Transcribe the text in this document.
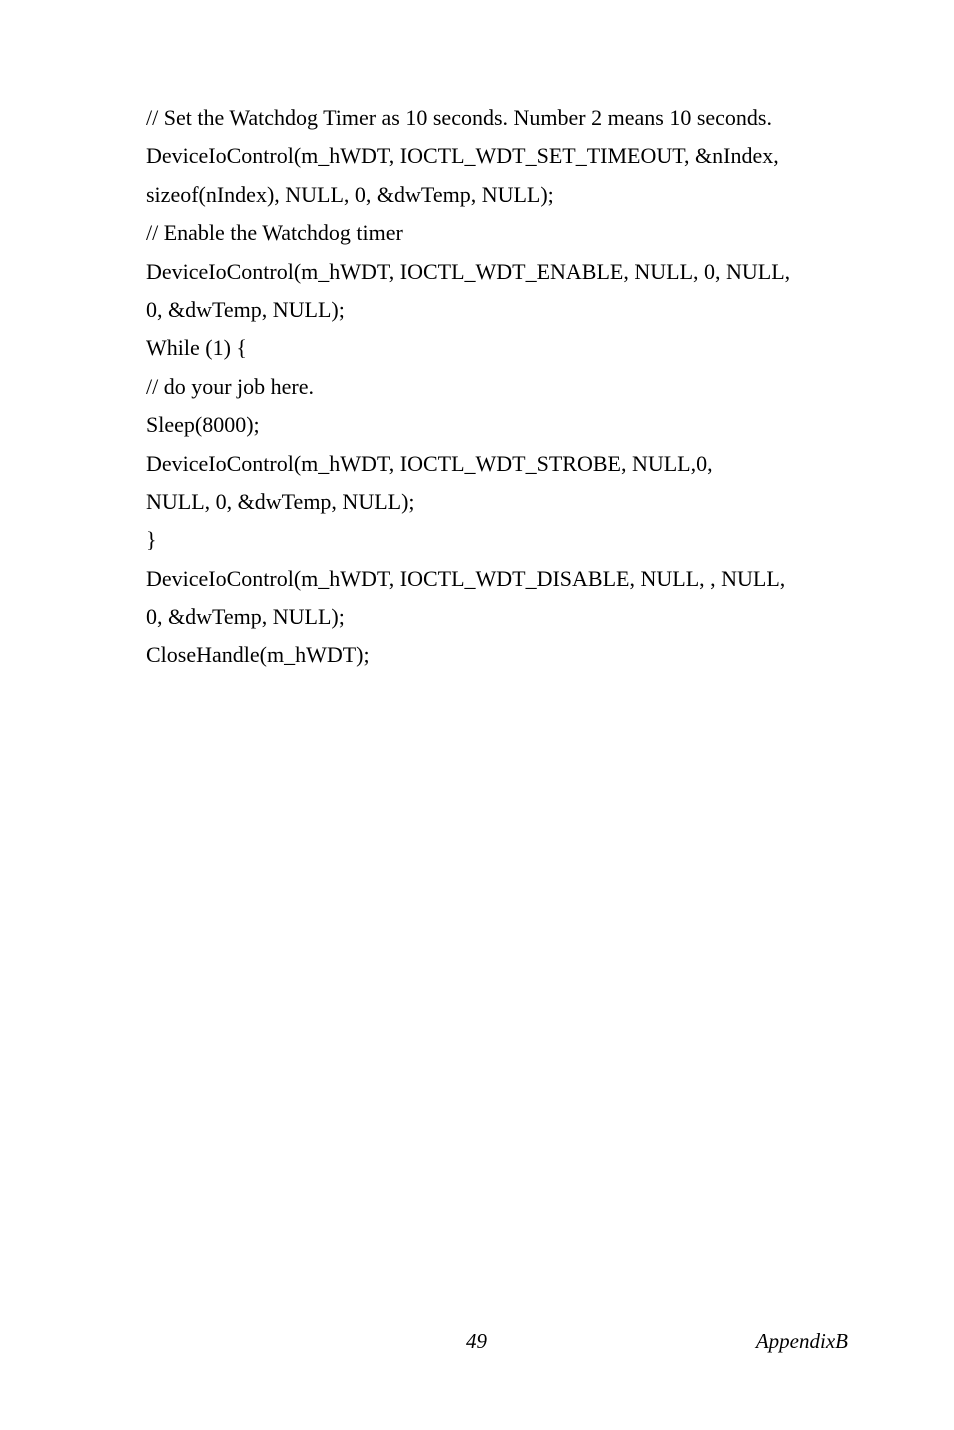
// Set the Watchdog Timer as 10 seconds. Number 2 means 10 seconds.
DeviceIoControl(m_hWDT, IOCTL_WDT_SET_TIMEOUT, &nIndex,
sizeof(nIndex), NULL, 0, &dwTemp, NULL);
// Enable the Watchdog timer
DeviceIoControl(m_hWDT, IOCTL_WDT_ENABLE, NULL, 0, NULL,
0, &dwTemp, NULL);
While (1) {
// do your job here.
Sleep(8000);
DeviceIoControl(m_hWDT, IOCTL_WDT_STROBE, NULL,0,
NULL, 0, &dwTemp, NULL);
}
DeviceIoControl(m_hWDT, IOCTL_WDT_DISABLE, NULL, , NULL,
0, &dwTemp, NULL);
CloseHandle(m_hWDT);
49	AppendixB
